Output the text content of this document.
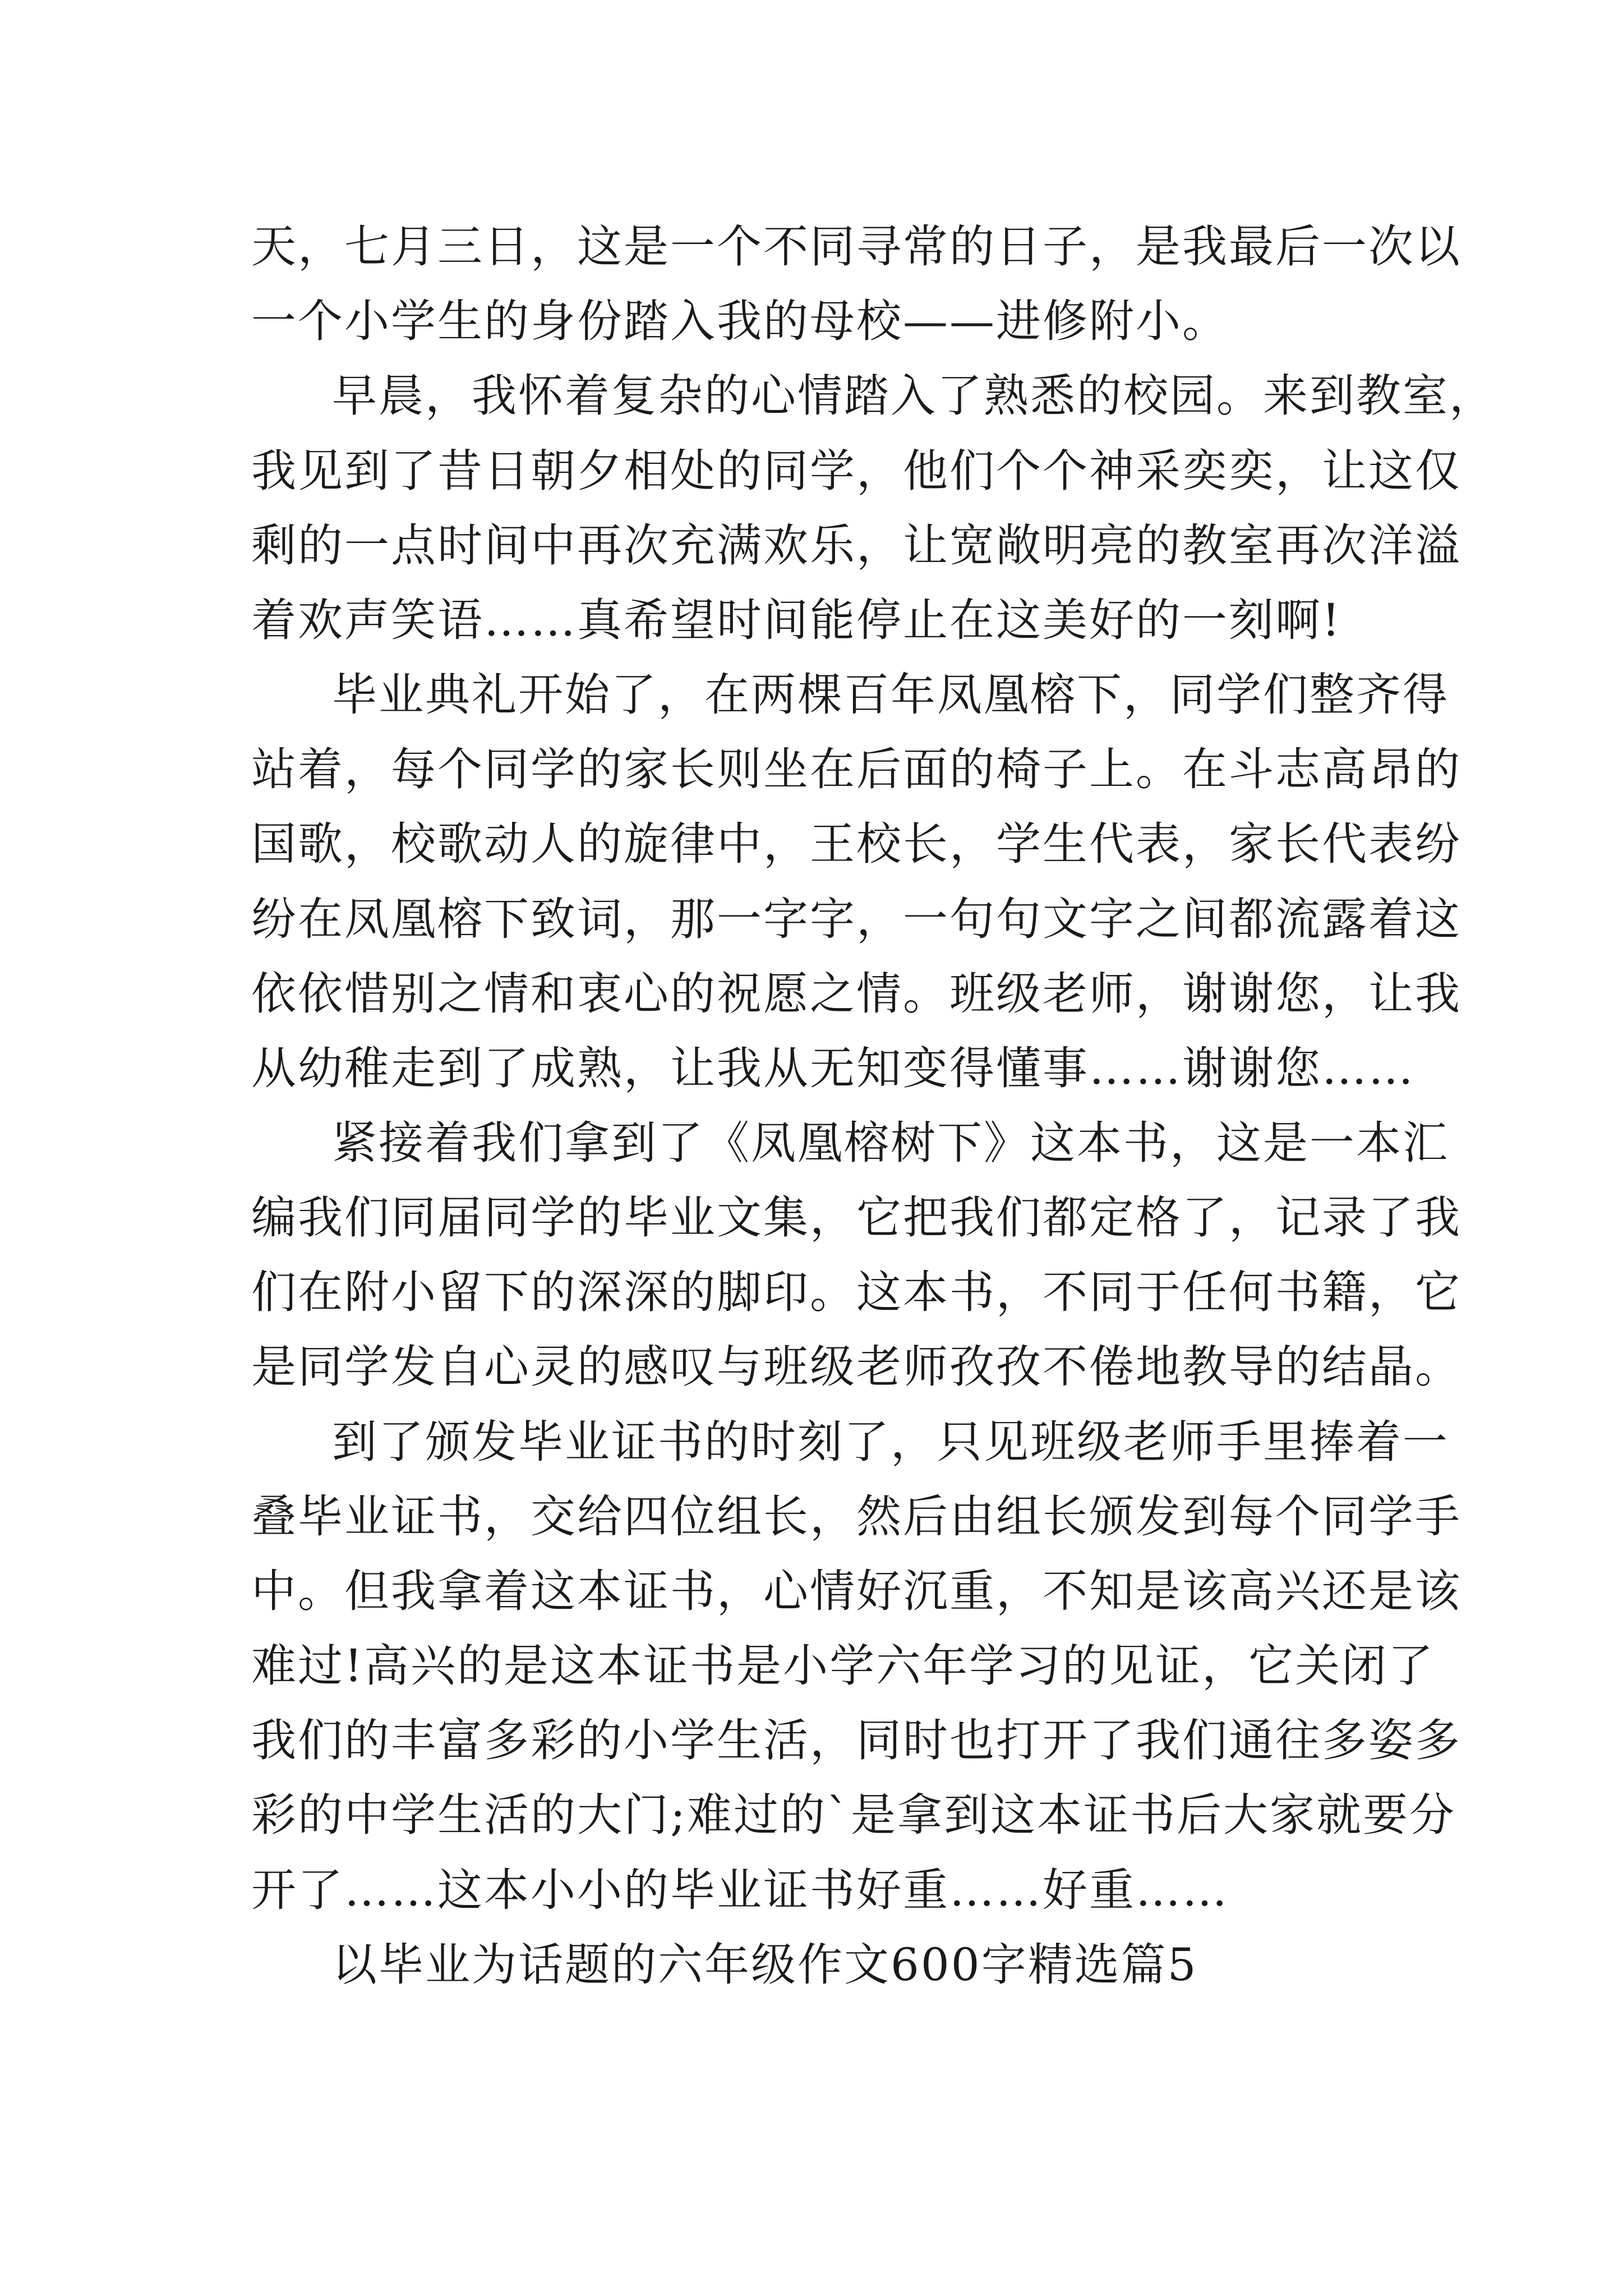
天，七月三日，这是一个不同寻常的日子，是我最后一次以
一个小学生的身份踏入我的母校——进修附小。
早晨，我怀着复杂的心情踏入了熟悉的校园。来到教室，
我见到了昔日朝夕相处的同学，他们个个神采奕奕，让这仅
剩的一点时间中再次充满欢乐，让宽敞明亮的教室再次洋溢
着欢声笑语……真希望时间能停止在这美好的一刻啊!
毕业典礼开始了，在两棵百年凤凰榕下，同学们整齐得
站着，每个同学的家长则坐在后面的椅子上。在斗志高昂的
国歌，校歌动人的旋律中，王校长，学生代表，家长代表纷
纷在凤凰榕下致词，那一字字，一句句文字之间都流露着这
依依惜别之情和衷心的祝愿之情。班级老师，谢谢您，让我
从幼稚走到了成熟，让我从无知变得懂事……谢谢您……
紧接着我们拿到了《凤凰榕树下》这本书，这是一本汇
编我们同届同学的毕业文集，它把我们都定格了，记录了我
们在附小留下的深深的脚印。这本书，不同于任何书籍，它
是同学发自心灵的感叹与班级老师孜孜不倦地教导的结晶。
到了颁发毕业证书的时刻了，只见班级老师手里捧着一
叠毕业证书，交给四位组长，然后由组长颁发到每个同学手
中。但我拿着这本证书，心情好沉重，不知是该高兴还是该
难过!高兴的是这本证书是小学六年学习的见证，它关闭了
我们的丰富多彩的小学生活，同时也打开了我们通往多姿多
彩的中学生活的大门;难过的`是拿到这本证书后大家就要分
开了……这本小小的毕业证书好重……好重……
以毕业为话题的六年级作文600字精选篇5
